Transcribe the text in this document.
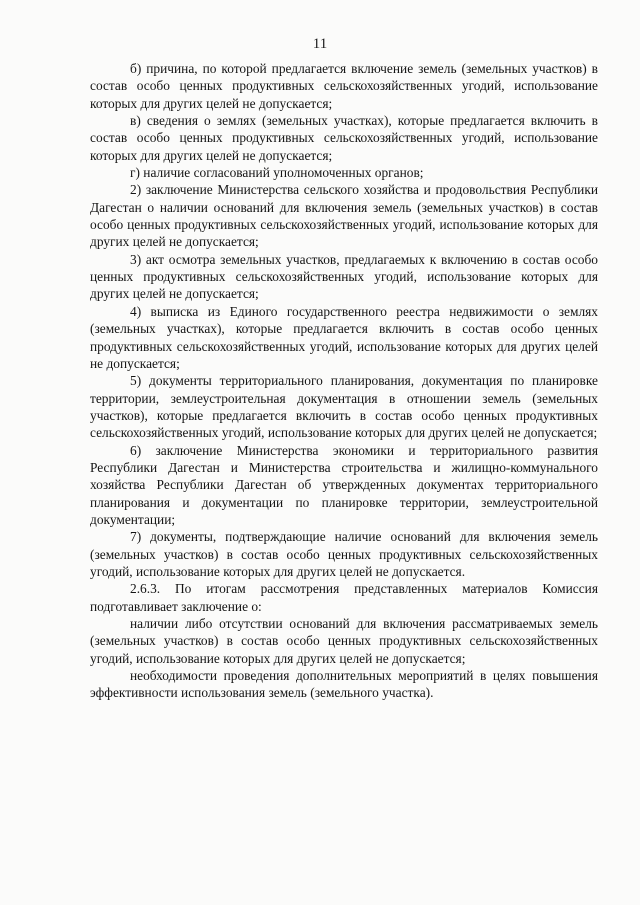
11

б) причина, по которой предлагается включение земель (земельных участков) в состав особо ценных продуктивных сельскохозяйственных угодий, использование которых для других целей не допускается;

в) сведения о землях (земельных участках), которые предлагается включить в состав особо ценных продуктивных сельскохозяйственных угодий, использование которых для других целей не допускается;

г) наличие согласований уполномоченных органов;

2) заключение Министерства сельского хозяйства и продовольствия Республики Дагестан о наличии оснований для включения земель (земельных участков) в состав особо ценных продуктивных сельскохозяйственных угодий, использование которых для других целей не допускается;

3) акт осмотра земельных участков, предлагаемых к включению в состав особо ценных продуктивных сельскохозяйственных угодий, использование которых для других целей не допускается;

4) выписка из Единого государственного реестра недвижимости о землях (земельных участках), которые предлагается включить в состав особо ценных продуктивных сельскохозяйственных угодий, использование которых для других целей не допускается;

5) документы территориального планирования, документация по планировке территории, землеустроительная документация в отношении земель (земельных участков), которые предлагается включить в состав особо ценных продуктивных сельскохозяйственных угодий, использование которых для других целей не допускается;

6) заключение Министерства экономики и территориального развития Республики Дагестан и Министерства строительства и жилищно-коммунального хозяйства Республики Дагестан об утвержденных документах территориального планирования и документации по планировке территории, землеустроительной документации;

7) документы, подтверждающие наличие оснований для включения земель (земельных участков) в состав особо ценных продуктивных сельскохозяйственных угодий, использование которых для других целей не допускается.

2.6.3. По итогам рассмотрения представленных материалов Комиссия подготавливает заключение о:

наличии либо отсутствии оснований для включения рассматриваемых земель (земельных участков) в состав особо ценных продуктивных сельскохозяйственных угодий, использование которых для других целей не допускается;

необходимости проведения дополнительных мероприятий в целях повышения эффективности использования земель (земельного участка).
